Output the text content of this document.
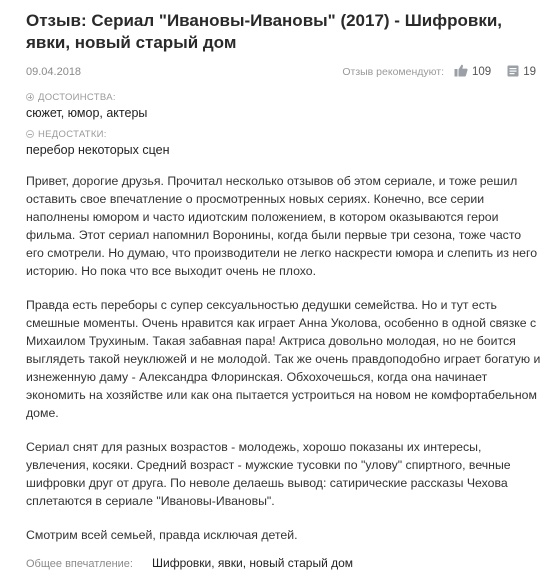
Отзыв: Сериал "Ивановы-Ивановы" (2017) - Шифровки, явки, новый старый дом
09.04.2018	Отзыв рекомендуют: 109	19
ДОСТОИНСТВА:
сюжет, юмор, актеры
НЕДОСТАТКИ:
перебор некоторых сцен

Привет, дорогие друзья. Прочитал несколько отзывов об этом сериале, и тоже решил оставить свое впечатление о просмотренных новых сериях. Конечно, все серии наполнены юмором и часто идиотским положением, в котором оказываются герои фильма. Этот сериал напомнил Воронины, когда были первые три сезона, тоже часто его смотрели. Но думаю, что производители не легко наскрести юмора и слепить из него историю. Но пока что все выходит очень не плохо.

Правда есть переборы с супер сексуальностью дедушки семейства. Но и тут есть смешные моменты. Очень нравится как играет Анна Уколова, особенно в одной связке с Михаилом Трухиным. Такая забавная пара! Актриса довольно молодая, но не боится выглядеть такой неуклюжей и не молодой. Так же очень правдоподобно играет богатую и изнеженную даму - Александра Флоринская. Обхохочешься, когда она начинает экономить на хозяйстве или как она пытается устроиться на новом не комфортабельном доме.

Сериал снят для разных возрастов - молодежь, хорошо показаны их интересы, увлечения, косяки. Средний возраст - мужские тусовки по "улову" спиртного, вечные шифровки друг от друга. По неволе делаешь вывод: сатирические рассказы Чехова сплетаются в сериале "Ивановы-Ивановы".

Смотрим всей семьей, правда исключая детей.

Общее впечатление:	Шифровки, явки, новый старый дом
